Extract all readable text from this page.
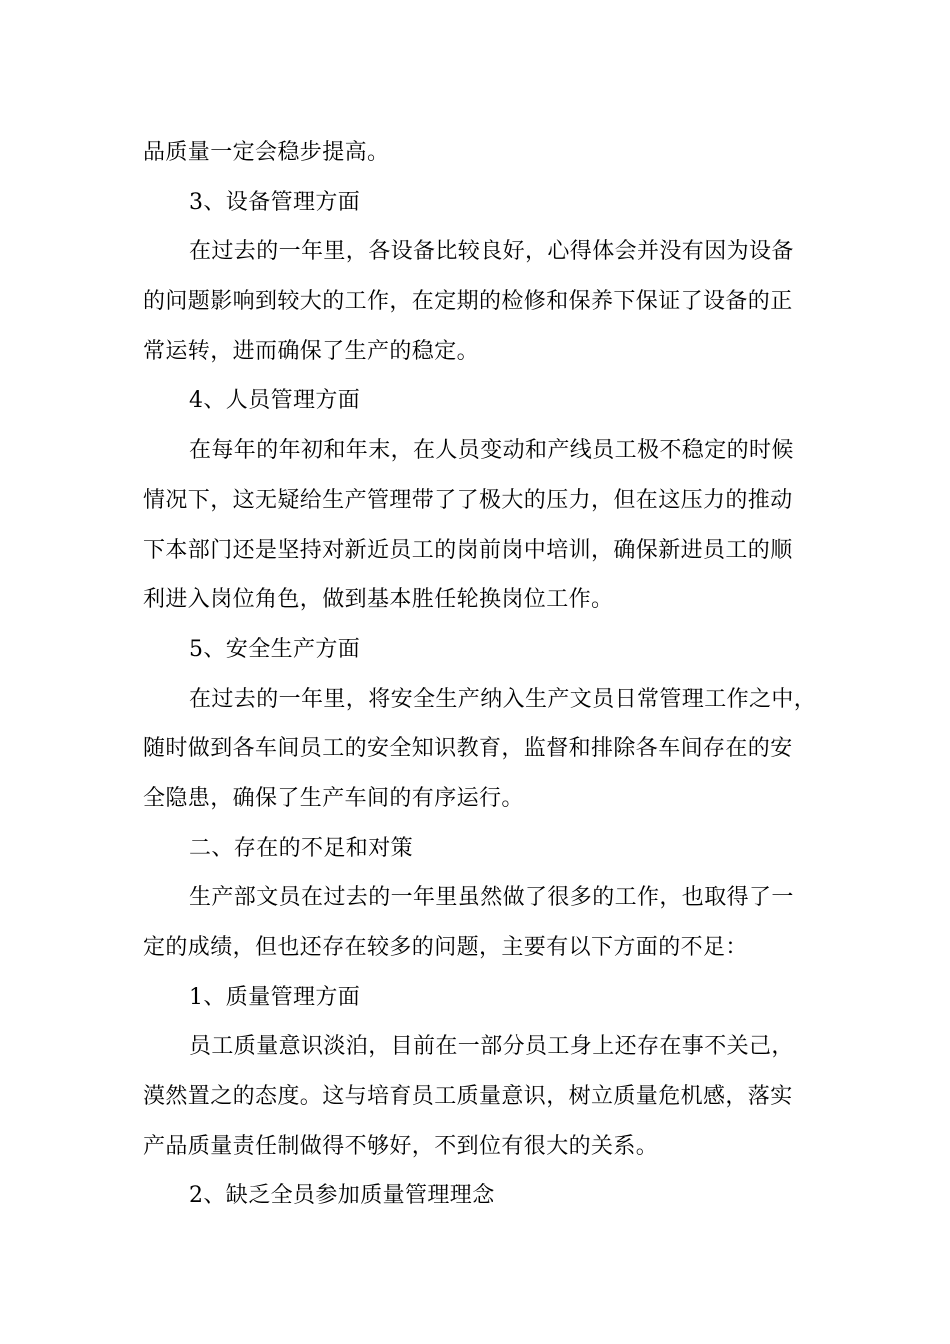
品质量一定会稳步提高。
3、设备管理方面
在过去的一年里，各设备比较良好，心得体会并没有因为设备
的问题影响到较大的工作，在定期的检修和保养下保证了设备的正
常运转，进而确保了生产的稳定。
4、人员管理方面
在每年的年初和年末，在人员变动和产线员工极不稳定的时候
情况下，这无疑给生产管理带了了极大的压力，但在这压力的推动
下本部门还是坚持对新近员工的岗前岗中培训，确保新进员工的顺
利进入岗位角色，做到基本胜任轮换岗位工作。
5、安全生产方面
在过去的一年里，将安全生产纳入生产文员日常管理工作之中，
随时做到各车间员工的安全知识教育，监督和排除各车间存在的安
全隐患，确保了生产车间的有序运行。
二、存在的不足和对策
生产部文员在过去的一年里虽然做了很多的工作，也取得了一
定的成绩，但也还存在较多的问题，主要有以下方面的不足：
1、质量管理方面
员工质量意识淡泊，目前在一部分员工身上还存在事不关己，
漠然置之的态度。这与培育员工质量意识，树立质量危机感，落实
产品质量责任制做得不够好，不到位有很大的关系。
2、缺乏全员参加质量管理理念
